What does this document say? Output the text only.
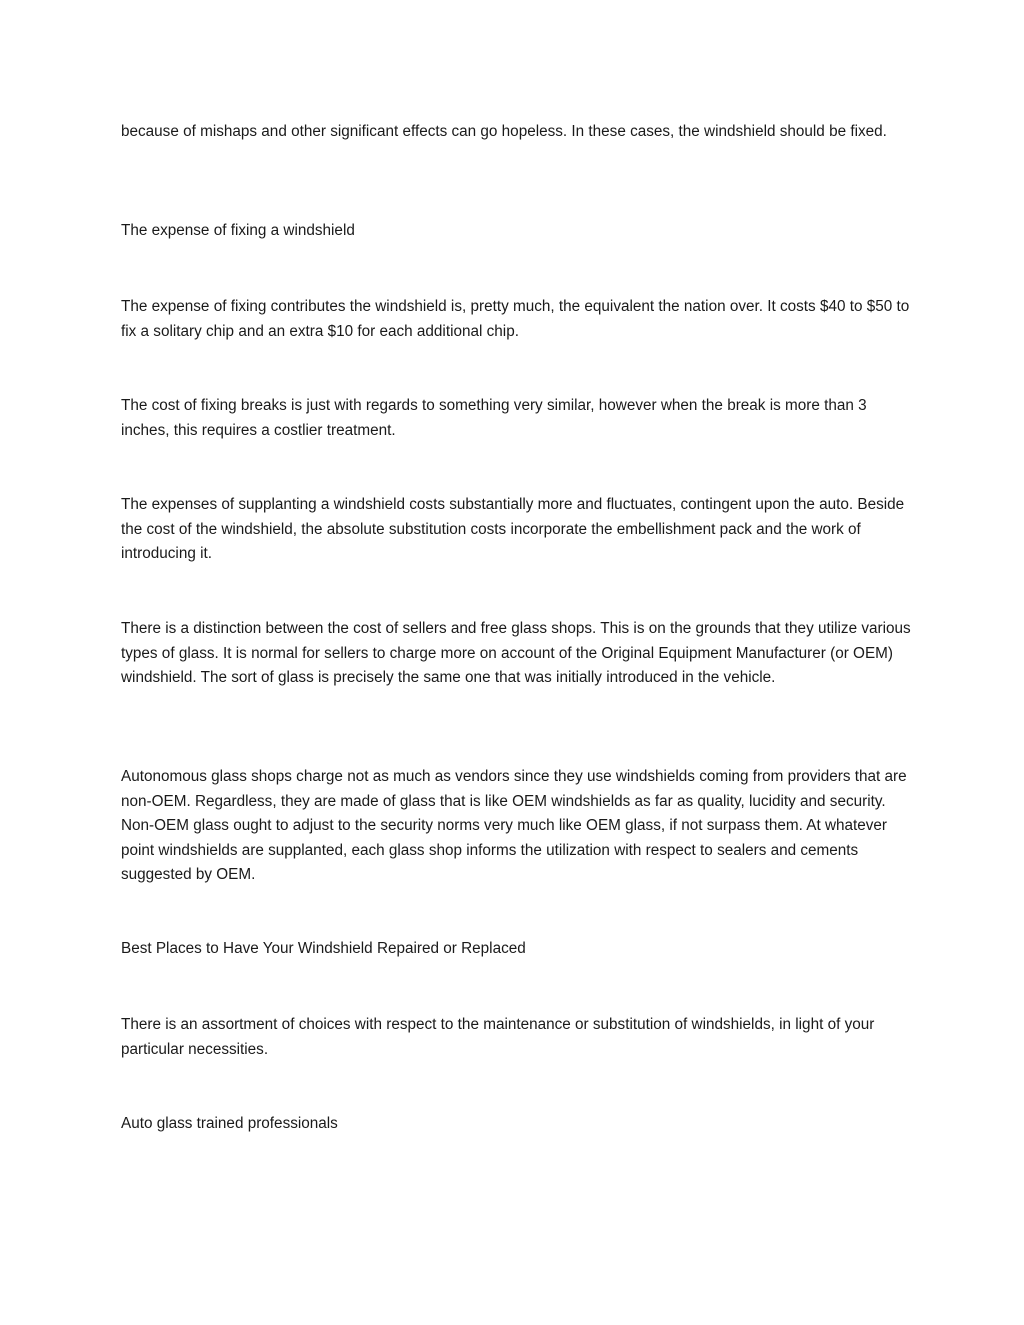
because of mishaps and other significant effects can go hopeless. In these cases, the windshield should be fixed.

The expense of fixing a windshield

The expense of fixing contributes the windshield is, pretty much, the equivalent the nation over. It costs $40 to $50 to fix a solitary chip and an extra $10 for each additional chip.

The cost of fixing breaks is just with regards to something very similar, however when the break is more than 3 inches, this requires a costlier treatment.

The expenses of supplanting a windshield costs substantially more and fluctuates, contingent upon the auto. Beside the cost of the windshield, the absolute substitution costs incorporate the embellishment pack and the work of introducing it.

There is a distinction between the cost of sellers and free glass shops. This is on the grounds that they utilize various types of glass. It is normal for sellers to charge more on account of the Original Equipment Manufacturer (or OEM) windshield. The sort of glass is precisely the same one that was initially introduced in the vehicle.

Autonomous glass shops charge not as much as vendors since they use windshields coming from providers that are non-OEM. Regardless, they are made of glass that is like OEM windshields as far as quality, lucidity and security. Non-OEM glass ought to adjust to the security norms very much like OEM glass, if not surpass them. At whatever point windshields are supplanted, each glass shop informs the utilization with respect to sealers and cements suggested by OEM.

Best Places to Have Your Windshield Repaired or Replaced

There is an assortment of choices with respect to the maintenance or substitution of windshields, in light of your particular necessities.

Auto glass trained professionals
